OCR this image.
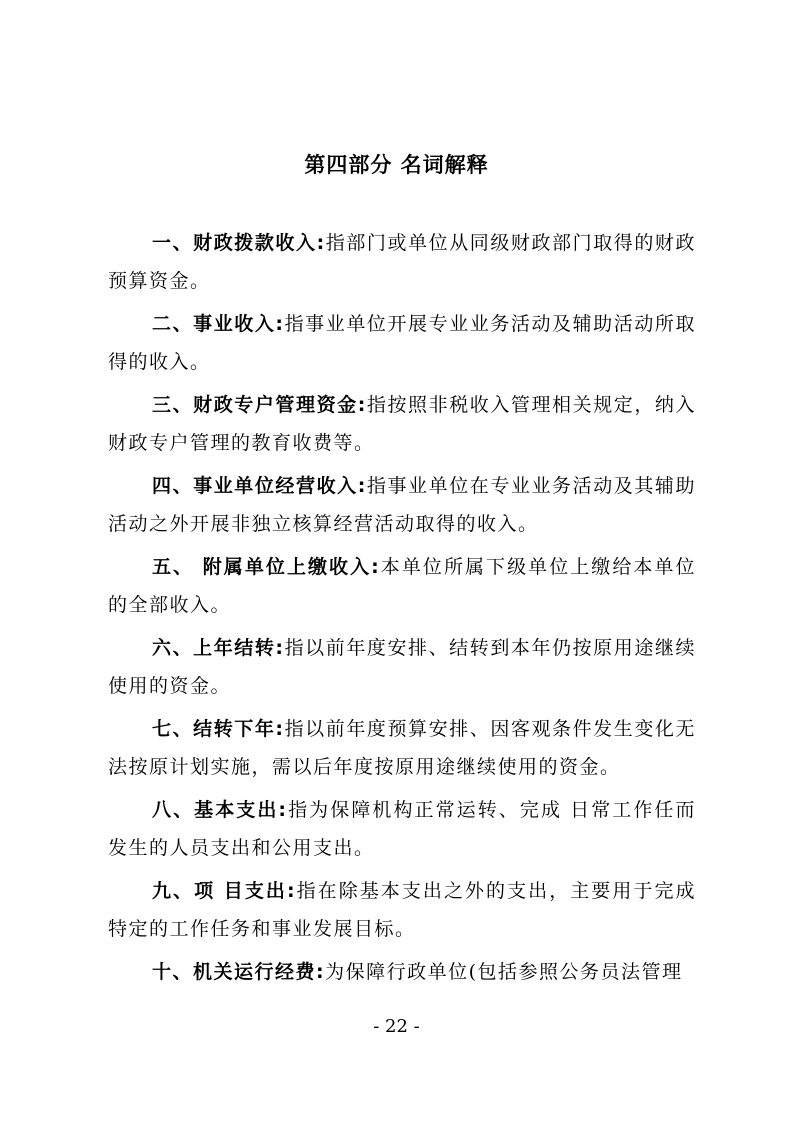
第四部分 名词解释

一、财政拨款收入:指部门或单位从同级财政部门取得的财政预算资金。

二、事业收入:指事业单位开展专业业务活动及辅助活动所取得的收入。

三、财政专户管理资金:指按照非税收入管理相关规定，纳入财政专户管理的教育收费等。

四、事业单位经营收入:指事业单位在专业业务活动及其辅助活动之外开展非独立核算经营活动取得的收入。

五、 附属单位上缴收入:本单位所属下级单位上缴给本单位的全部收入。

六、上年结转:指以前年度安排、结转到本年仍按原用途继续使用的资金。

七、结转下年:指以前年度预算安排、因客观条件发生变化无法按原计划实施，需以后年度按原用途继续使用的资金。

八、基本支出:指为保障机构正常运转、完成 日常工作任而发生的人员支出和公用支出。

九、项 目支出:指在除基本支出之外的支出，主要用于完成特定的工作任务和事业发展目标。

十、机关运行经费:为保障行政单位(包括参照公务员法管理

- 22 -
